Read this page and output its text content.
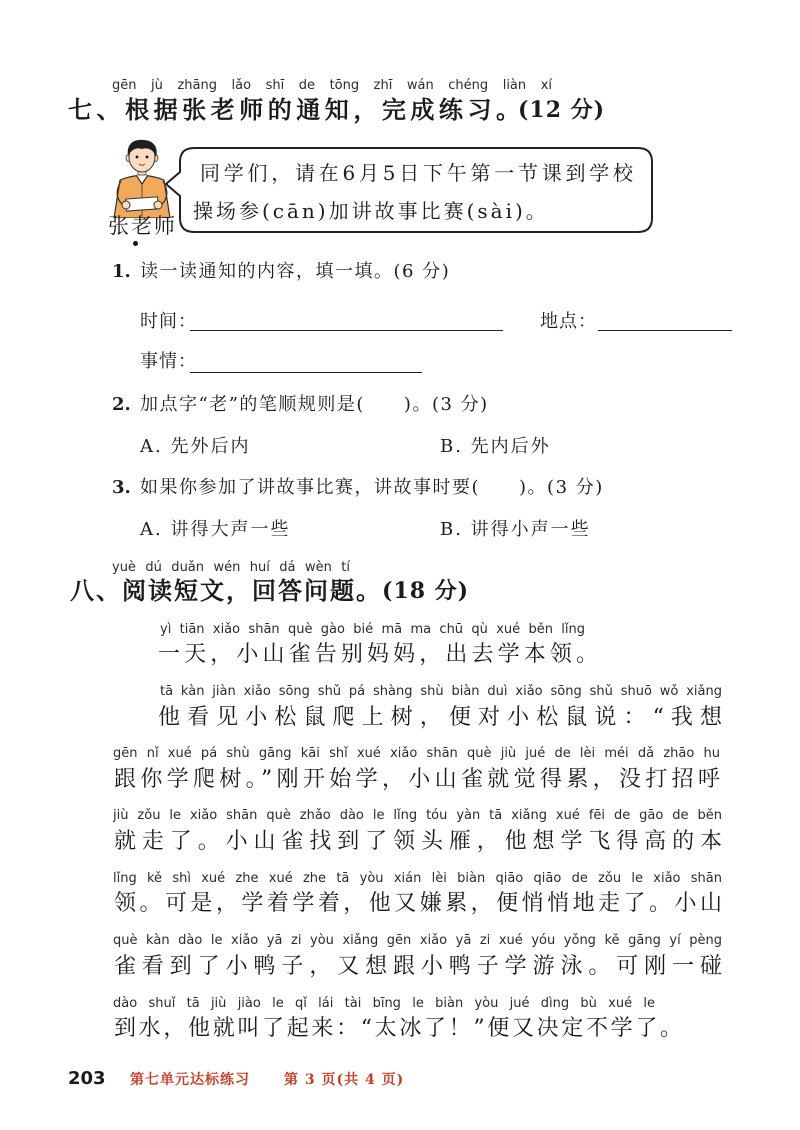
gēn jù zhāng lǎo shī de tōng zhī wán chéng liàn xí
七、根据张老师的通知，完成练习。
(12 分)
张老师
同学们，请在6月5日下午第一节课到学校
操场参(cān)加讲故事比赛(sài)。
1. 读一读通知的内容，填一填。(6 分)
时间：	地点：
事情：
2. 加点字“老”的笔顺规则是(　　)。(3 分)
A. 先外后内	B. 先内后外
3. 如果你参加了讲故事比赛，讲故事时要(　　)。(3 分)
A. 讲得大声一些	B. 讲得小声一些
yuè dú duǎn wén huí dá wèn tí
八、阅读短文，回答问题。 (18 分)
yì tiān xiǎo shān què gào bié mā ma chū qù xué běn lǐng
一天，小山雀告别妈妈，出去学本领。
tā kàn jiàn xiǎo sōng shǔ pá shàng shù biàn duì xiǎo sōng shǔ shuō wǒ xiǎng
他看见小松鼠爬上树，便对小松鼠说：“我想
gēn nǐ xué pá shù gāng kāi shǐ xué xiǎo shān què jiù jué de lèi méi dǎ zhāo hu
跟你学爬树。”刚开始学，小山雀就觉得累，没打招呼
jiù zǒu le xiǎo shān què zhǎo dào le lǐng tóu yàn tā xiǎng xué fēi de gāo de běn
就走了。小山雀找到了领头雁，他想学飞得高的本
lǐng kě shì xué zhe xué zhe tā yòu xián lèi biàn qiāo qiāo de zǒu le xiǎo shān
领。可是，学着学着，他又嫌累，便悄悄地走了。小山
què kàn dào le xiǎo yā zi yòu xiǎng gēn xiǎo yā zi xué yóu yǒng kě gāng yí pèng
雀看到了小鸭子，又想跟小鸭子学游泳。可刚一碰
dào shuǐ tā jiù jiào le qǐ lái tài bīng le biàn yòu jué dìng bù xué le
到水，他就叫了起来：“太冰了！”便又决定不学了。
203 第七单元达标练习 第 3 页(共 4 页)
